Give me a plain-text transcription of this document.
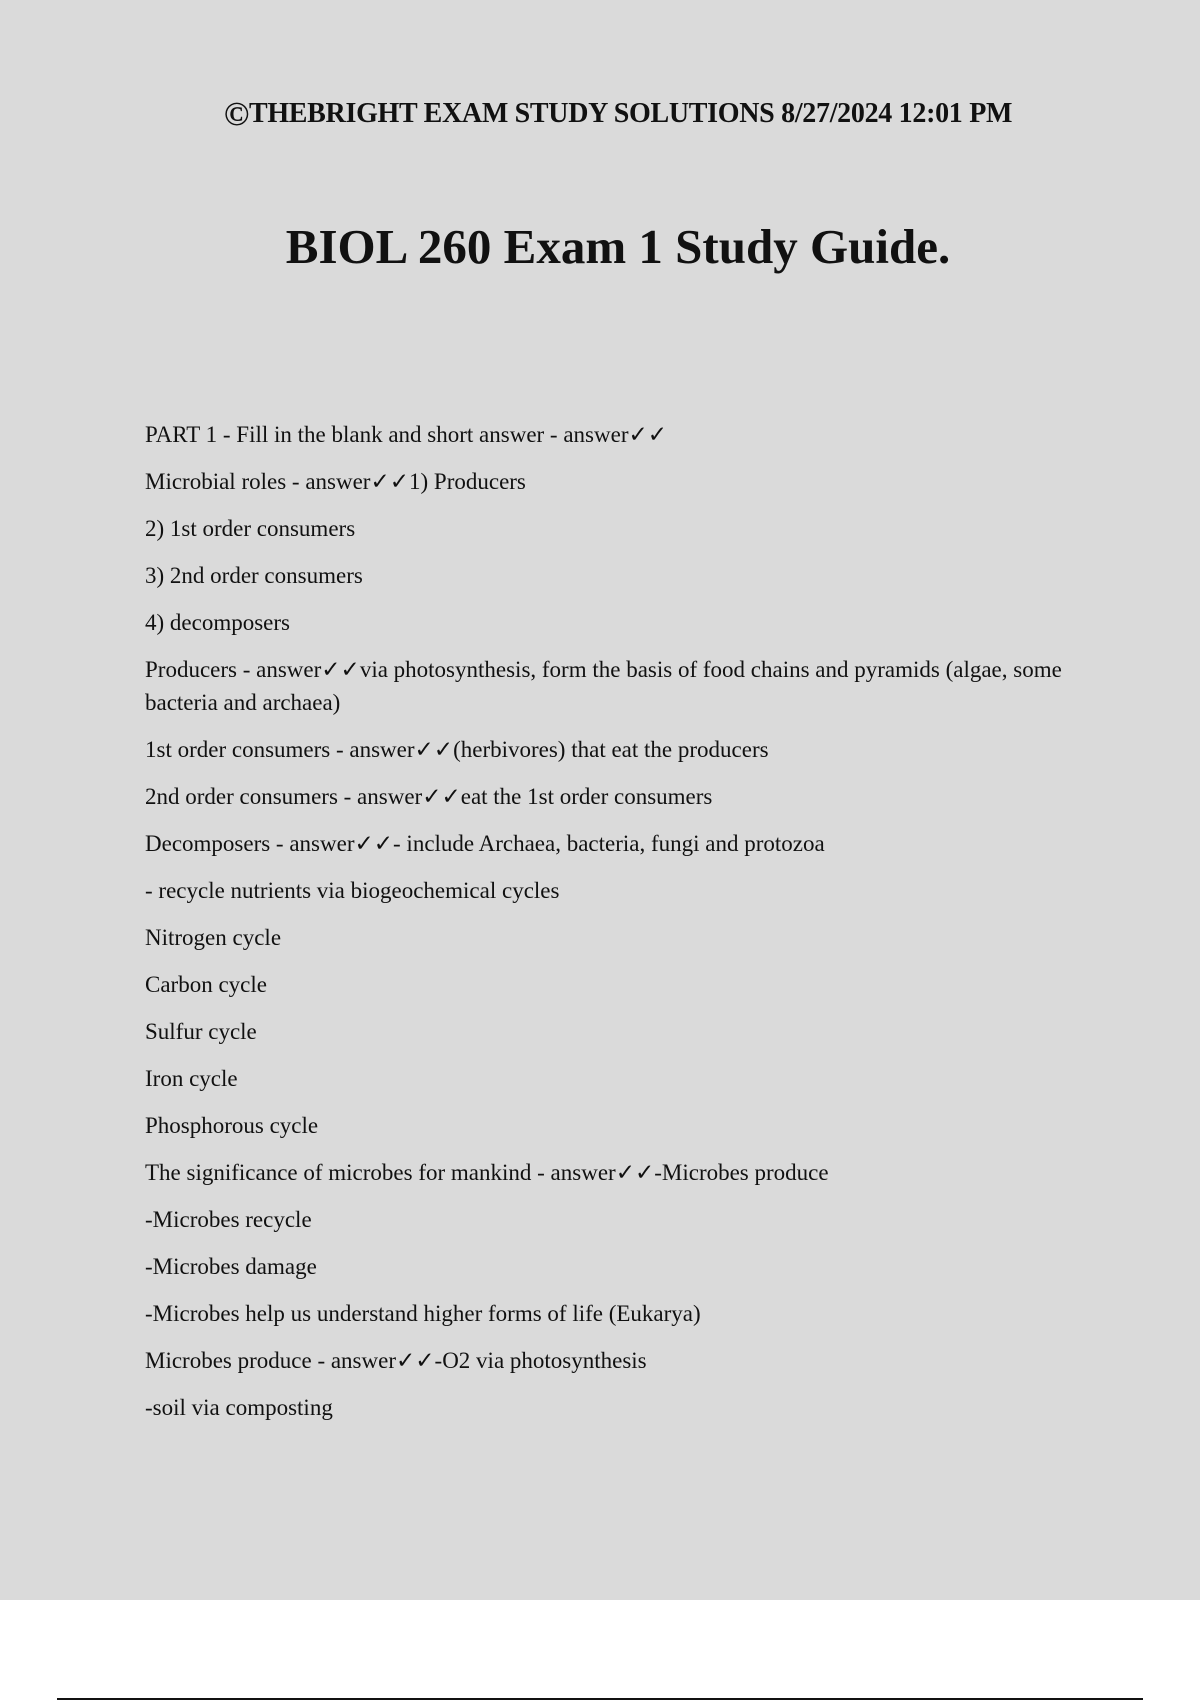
©THEBRIGHT EXAM STUDY SOLUTIONS 8/27/2024 12:01 PM
BIOL 260 Exam 1 Study Guide.
PART 1 - Fill in the blank and short answer - answer✓✓
Microbial roles - answer✓✓1) Producers
2) 1st order consumers
3) 2nd order consumers
4) decomposers
Producers - answer✓✓via photosynthesis, form the basis of food chains and pyramids (algae, some bacteria and archaea)
1st order consumers - answer✓✓(herbivores) that eat the producers
2nd order consumers - answer✓✓eat the 1st order consumers
Decomposers - answer✓✓- include Archaea, bacteria, fungi and protozoa
- recycle nutrients via biogeochemical cycles
Nitrogen cycle
Carbon cycle
Sulfur cycle
Iron cycle
Phosphorous cycle
The significance of microbes for mankind - answer✓✓-Microbes produce
-Microbes recycle
-Microbes damage
-Microbes help us understand higher forms of life (Eukarya)
Microbes produce - answer✓✓-O2 via photosynthesis
-soil via composting
